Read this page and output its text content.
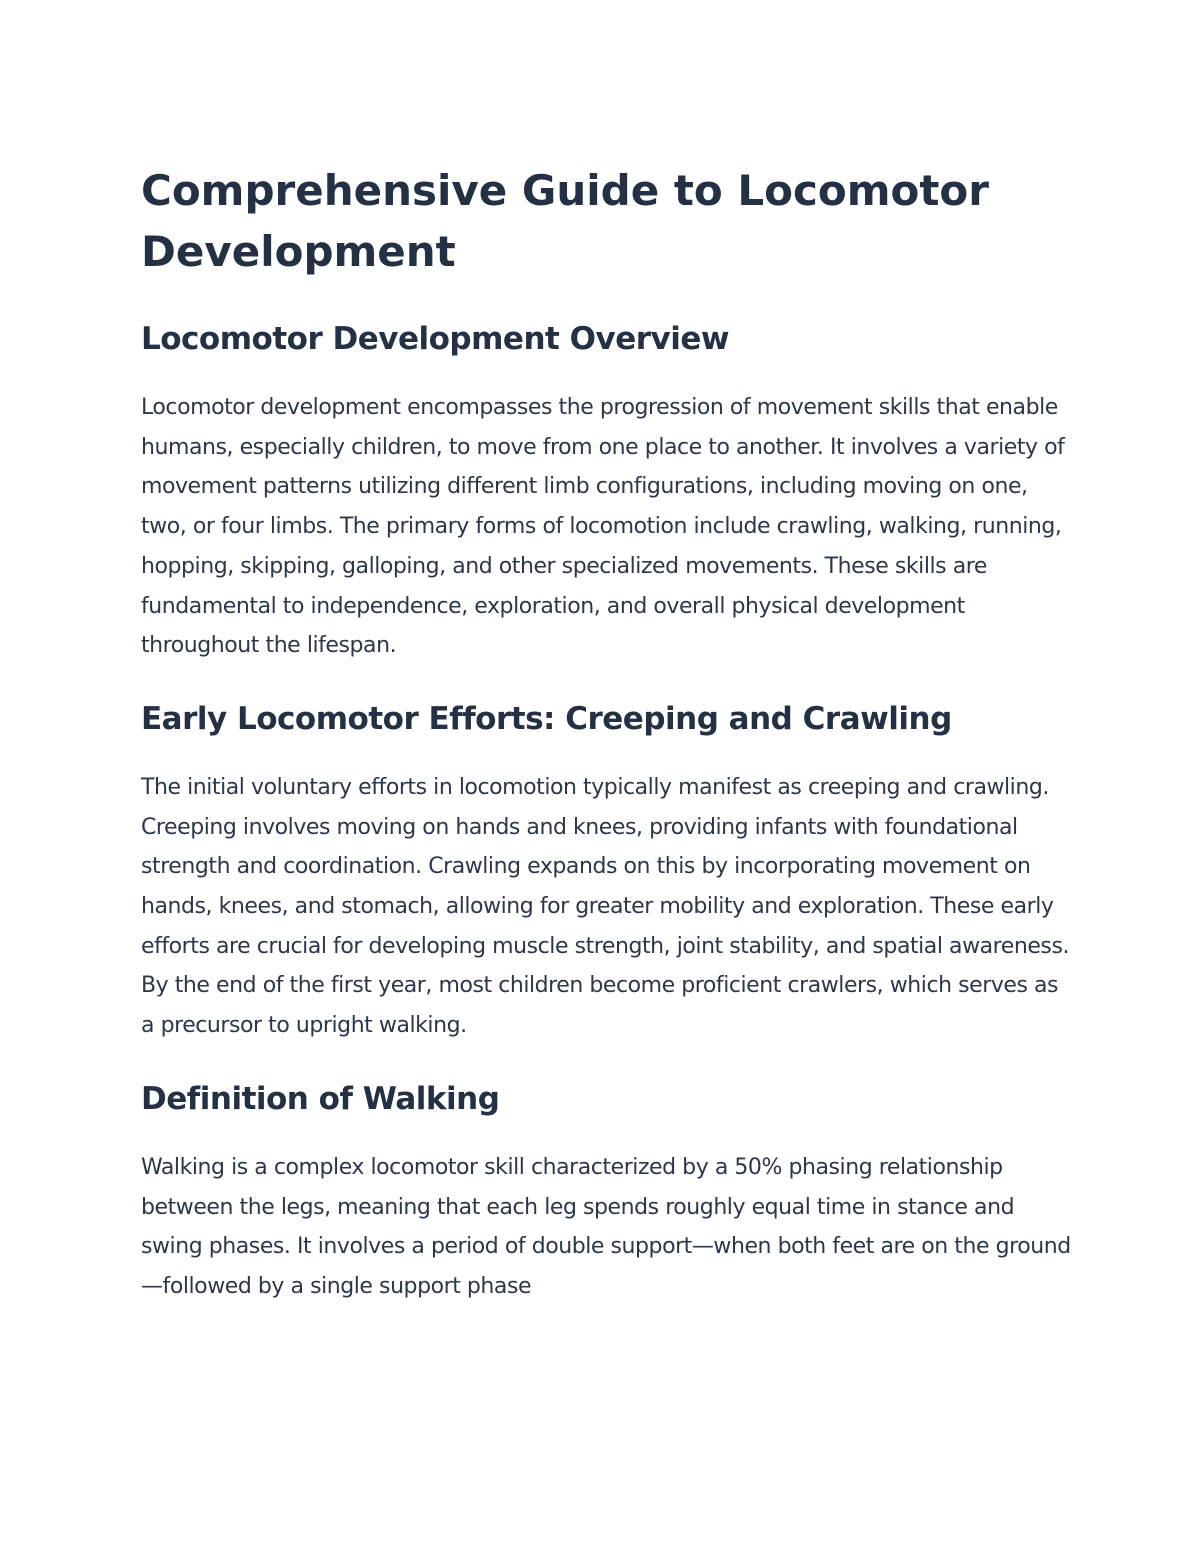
Comprehensive Guide to Locomotor Development
Locomotor Development Overview

Locomotor development encompasses the progression of movement skills that enable humans, especially children, to move from one place to another. It involves a variety of movement patterns utilizing different limb configurations, including moving on one, two, or four limbs. The primary forms of locomotion include crawling, walking, running, hopping, skipping, galloping, and other specialized movements. These skills are fundamental to independence, exploration, and overall physical development throughout the lifespan.

Early Locomotor Efforts: Creeping and Crawling

The initial voluntary efforts in locomotion typically manifest as creeping and crawling. Creeping involves moving on hands and knees, providing infants with foundational strength and coordination. Crawling expands on this by incorporating movement on hands, knees, and stomach, allowing for greater mobility and exploration. These early efforts are crucial for developing muscle strength, joint stability, and spatial awareness. By the end of the first year, most children become proficient crawlers, which serves as a precursor to upright walking.

Definition of Walking

Walking is a complex locomotor skill characterized by a 50% phasing relationship between the legs, meaning that each leg spends roughly equal time in stance and swing phases. It involves a period of double support—when both feet are on the ground—followed by a single support phase
